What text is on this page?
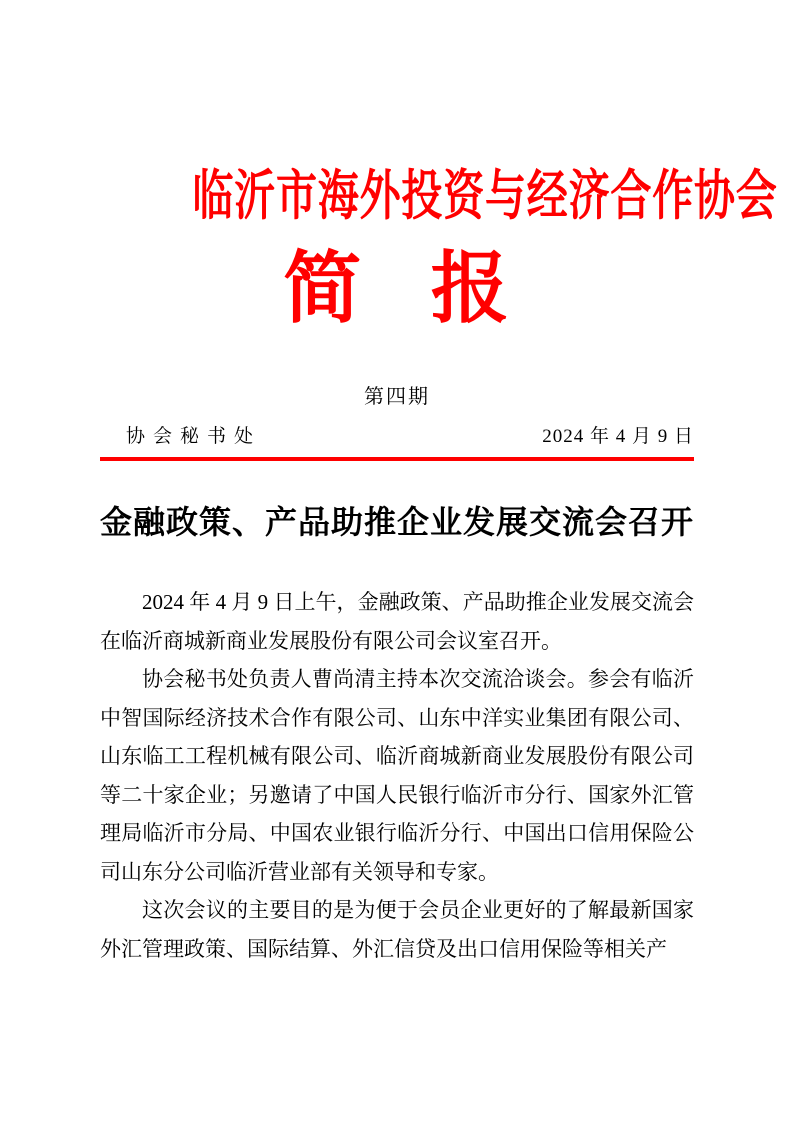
临沂市海外投资与经济合作协会
简 报
第四期
协会秘书处	2024 年 4 月 9 日
金融政策、产品助推企业发展交流会召开

2024 年 4 月 9 日上午，金融政策、产品助推企业发展交流会在临沂商城新商业发展股份有限公司会议室召开。

协会秘书处负责人曹尚清主持本次交流洽谈会。参会有临沂中智国际经济技术合作有限公司、山东中洋实业集团有限公司、山东临工工程机械有限公司、临沂商城新商业发展股份有限公司等二十家企业；另邀请了中国人民银行临沂市分行、国家外汇管理局临沂市分局、中国农业银行临沂分行、中国出口信用保险公司山东分公司临沂营业部有关领导和专家。

这次会议的主要目的是为便于会员企业更好的了解最新国家外汇管理政策、国际结算、外汇信贷及出口信用保险等相关产
